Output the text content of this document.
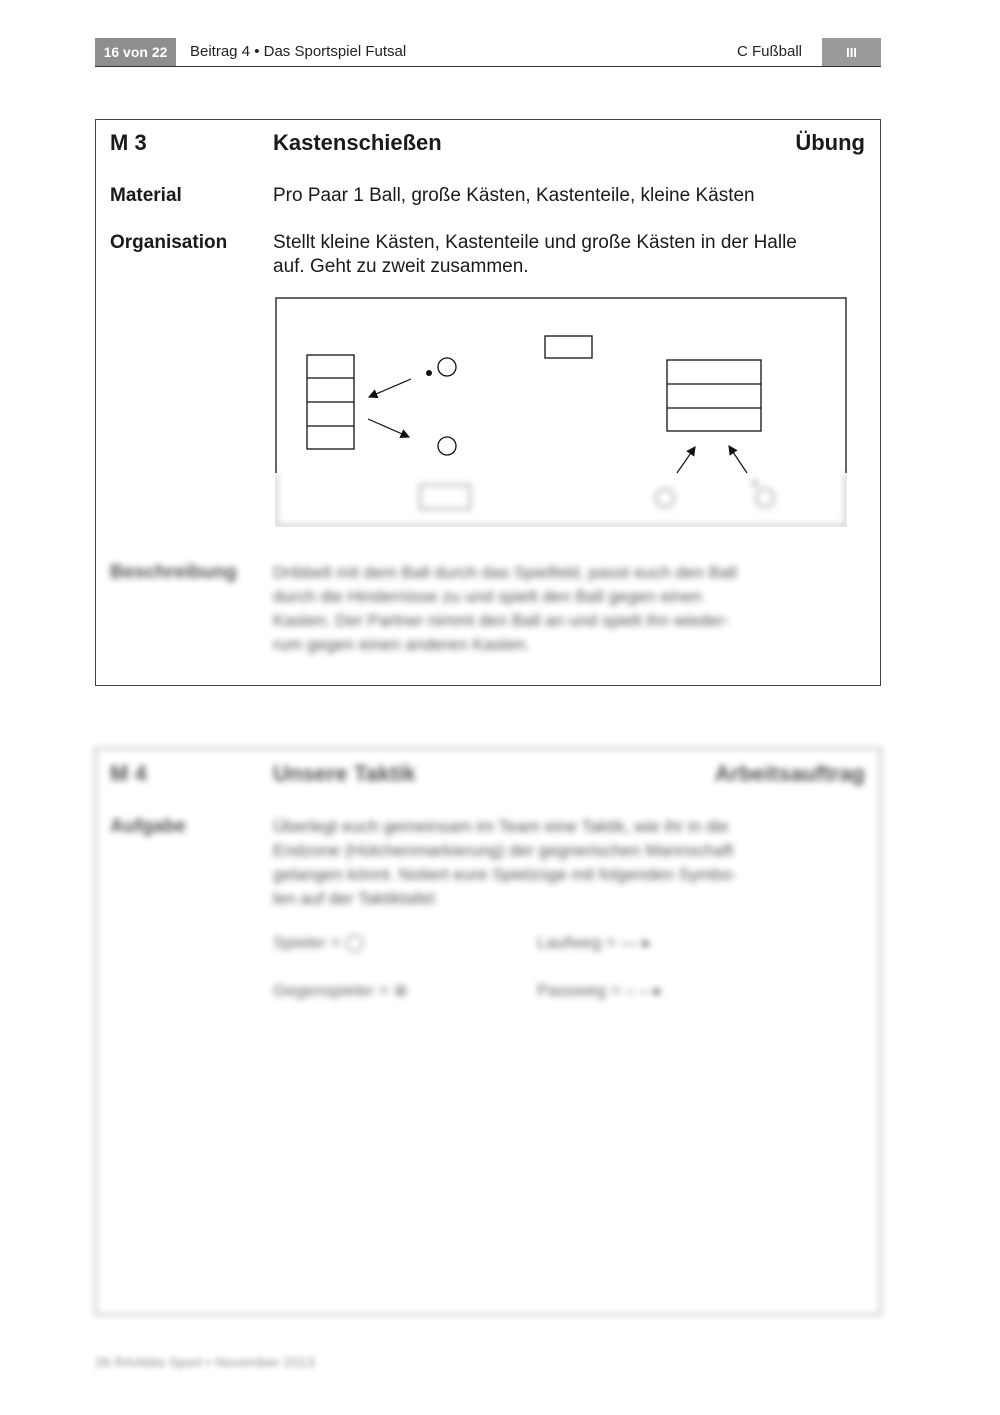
16 von 22	Beitrag 4 • Das Sportspiel Futsal	C Fußball	III
M 3	Kastenschießen	Übung
Material	Pro Paar 1 Ball, große Kästen, Kastenteile, kleine Kästen
Organisation Stellt kleine Kästen, Kastenteile und große Kästen in der Halle
auf. Geht zu zweit zusammen.
Beschreibung Dribbelt mit dem Ball durch das Spielfeld, passt euch den Ball
durch die Hindernisse zu und spielt den Ball gegen einen
Kasten. Der Partner nimmt den Ball an und spielt ihn wieder-
rum gegen einen anderen Kasten.
M 4	Unsere Taktik	Arbeitsauftrag
Aufgabe	Überlegt euch gemeinsam im Team eine Taktik, wie ihr in die
Endzone (Hütchenmarkierung) der gegnerischen Mannschaft
gelangen könnt. Notiert eure Spielzüge mit folgenden Symbo-
len auf der Taktiktafel:
Spieler = ◯	Laufweg = — ▸
Gegenspieler = ⊗	Passweg = – – ▸
26 RAAbits Sport • November 2013
